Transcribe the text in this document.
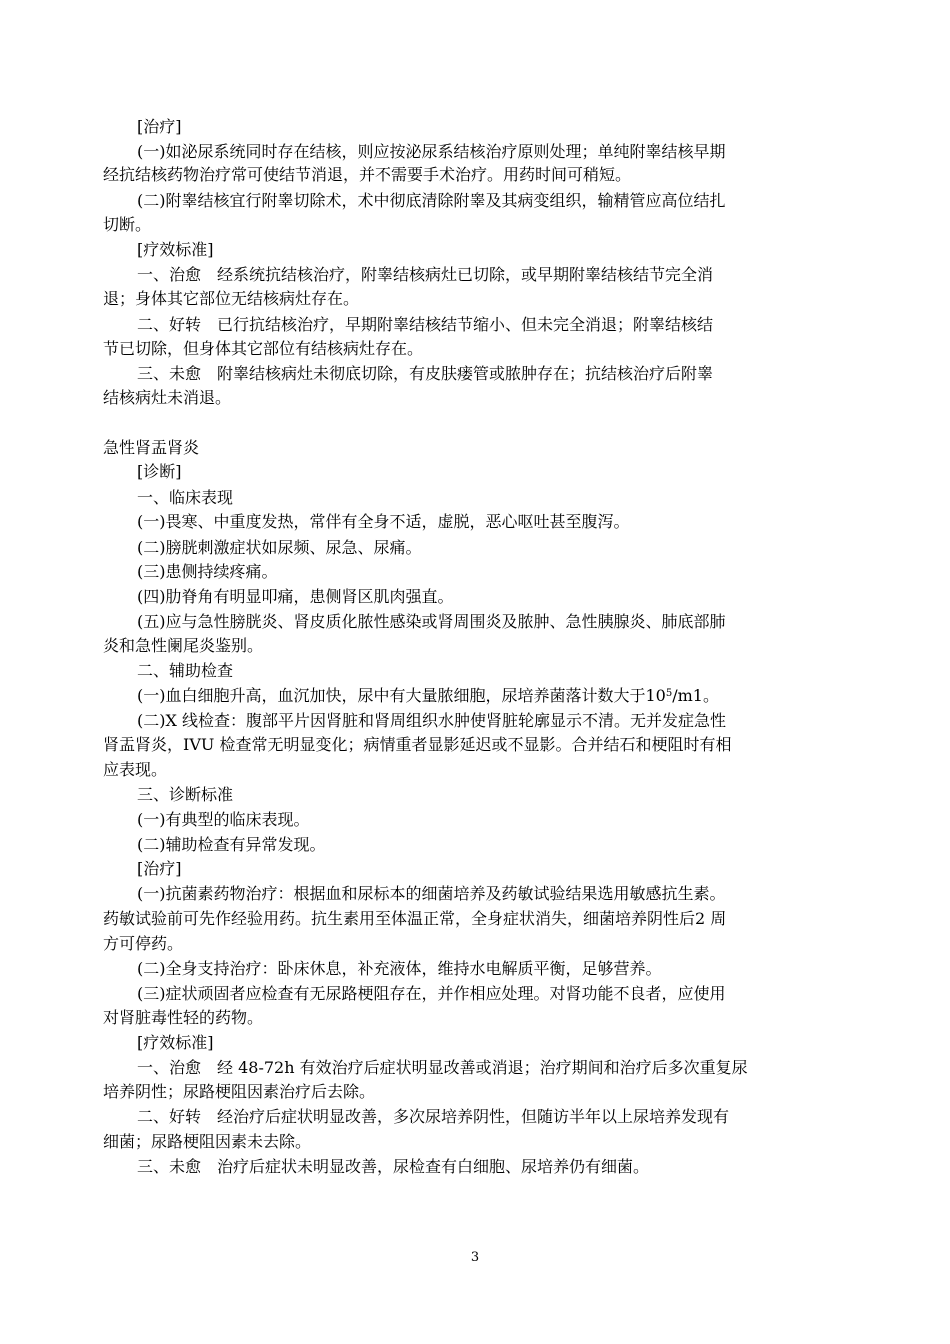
[治疗]
(一)如泌尿系统同时存在结核，则应按泌尿系结核治疗原则处理；单纯附睾结核早期
经抗结核药物治疗常可使结节消退，并不需要手术治疗。用药时间可稍短。
(二)附睾结核宜行附睾切除术，术中彻底清除附睾及其病变组织，输精管应高位结扎
切断。
[疗效标准]
一、治愈　经系统抗结核治疗，附睾结核病灶已切除，或早期附睾结核结节完全消
退；身体其它部位无结核病灶存在。
二、好转　已行抗结核治疗，早期附睾结核结节缩小、但未完全消退；附睾结核结
节已切除，但身体其它部位有结核病灶存在。
三、未愈　附睾结核病灶未彻底切除，有皮肤瘘管或脓肿存在；抗结核治疗后附睾
结核病灶未消退。
急性肾盂肾炎
[诊断]
一、临床表现
(一)畏寒、中重度发热，常伴有全身不适，虚脱，恶心呕吐甚至腹泻。
(二)膀胱刺激症状如尿频、尿急、尿痛。
(三)患侧持续疼痛。
(四)肋脊角有明显叩痛，患侧肾区肌肉强直。
(五)应与急性膀胱炎、肾皮质化脓性感染或肾周围炎及脓肿、急性胰腺炎、肺底部肺
炎和急性阑尾炎鉴别。
二、辅助检查
(一)血白细胞升高，血沉加快，尿中有大量脓细胞，尿培养菌落计数大于$10^5/m1$。
(二)X 线检查：腹部平片因肾脏和肾周组织水肿使肾脏轮廓显示不清。无并发症急性
肾盂肾炎，IVU 检查常无明显变化；病情重者显影延迟或不显影。合并结石和梗阻时有相
应表现。
三、诊断标准
(一)有典型的临床表现。
(二)辅助检查有异常发现。
[治疗]
(一)抗菌素药物治疗：根据血和尿标本的细菌培养及药敏试验结果选用敏感抗生素。
药敏试验前可先作经验用药。抗生素用至体温正常，全身症状消失，细菌培养阴性后2 周
方可停药。
(二)全身支持治疗：卧床休息，补充液体，维持水电解质平衡，足够营养。
(三)症状顽固者应检查有无尿路梗阻存在，并作相应处理。对肾功能不良者，应使用
对肾脏毒性轻的药物。
[疗效标准]
一、治愈　经 48-72h 有效治疗后症状明显改善或消退；治疗期间和治疗后多次重复尿
培养阴性；尿路梗阻因素治疗后去除。
二、好转　经治疗后症状明显改善，多次尿培养阴性，但随访半年以上尿培养发现有
细菌；尿路梗阻因素未去除。
三、未愈　治疗后症状未明显改善，尿检查有白细胞、尿培养仍有细菌。
3
